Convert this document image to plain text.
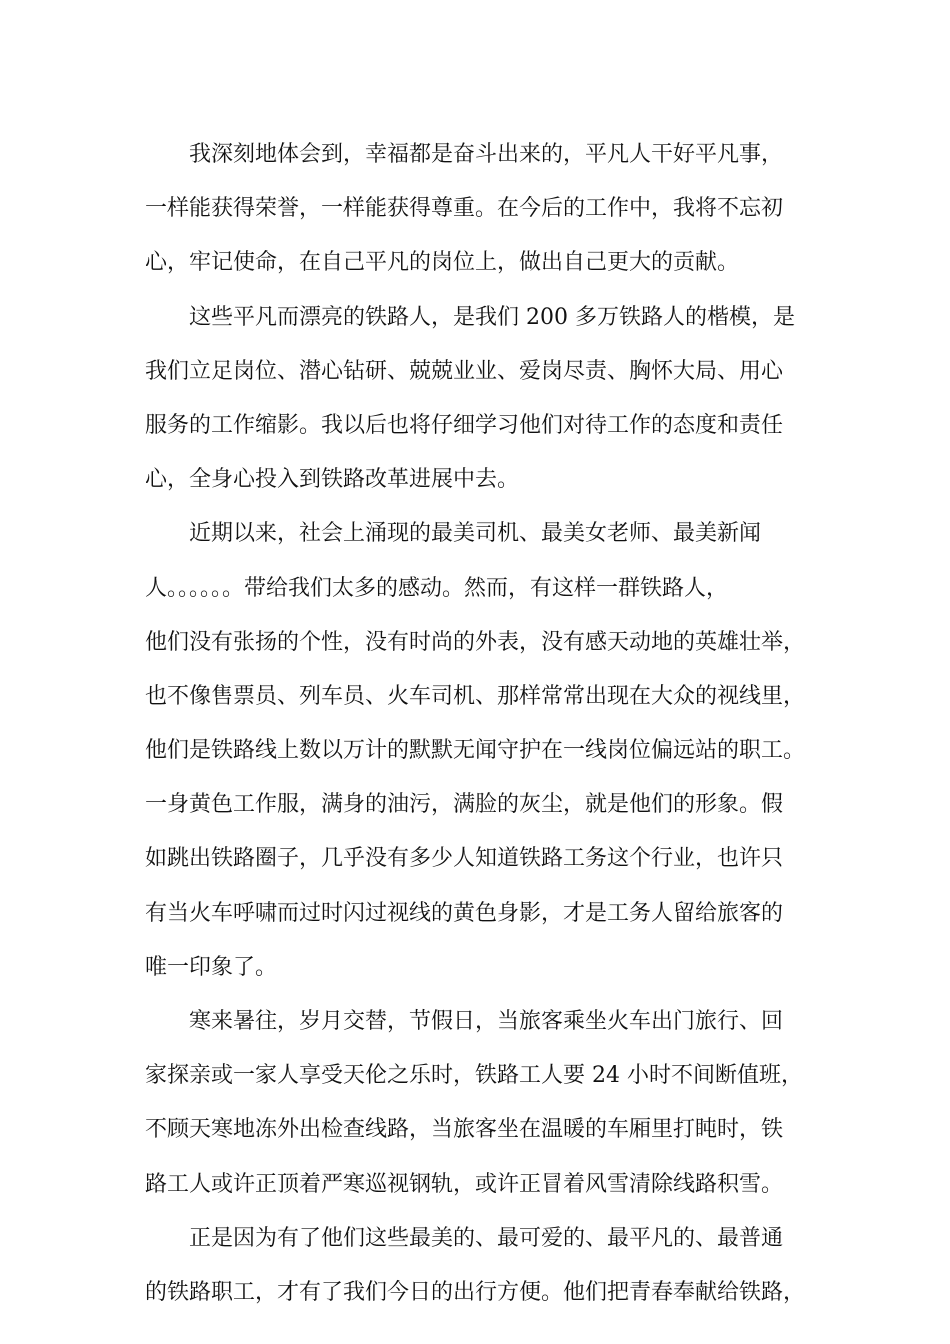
我深刻地体会到，幸福都是奋斗出来的，平凡人干好平凡事，
一样能获得荣誉，一样能获得尊重。在今后的工作中，我将不忘初
心，牢记使命，在自己平凡的岗位上，做出自己更大的贡献。
这些平凡而漂亮的铁路人，是我们 200 多万铁路人的楷模，是
我们立足岗位、潜心钻研、兢兢业业、爱岗尽责、胸怀大局、用心
服务的工作缩影。我以后也将仔细学习他们对待工作的态度和责任
心，全身心投入到铁路改革进展中去。
近期以来，社会上涌现的最美司机、最美女老师、最美新闻
人。。。。。。带给我们太多的感动。然而，有这样一群铁路人，
他们没有张扬的个性，没有时尚的外表，没有感天动地的英雄壮举，
也不像售票员、列车员、火车司机、那样常常出现在大众的视线里，
他们是铁路线上数以万计的默默无闻守护在一线岗位偏远站的职工。
一身黄色工作服，满身的油污，满脸的灰尘，就是他们的形象。假
如跳出铁路圈子，几乎没有多少人知道铁路工务这个行业，也许只
有当火车呼啸而过时闪过视线的黄色身影，才是工务人留给旅客的
唯一印象了。
寒来暑往，岁月交替，节假日，当旅客乘坐火车出门旅行、回
家探亲或一家人享受天伦之乐时，铁路工人要 24 小时不间断值班，
不顾天寒地冻外出检查线路，当旅客坐在温暖的车厢里打盹时，铁
路工人或许正顶着严寒巡视钢轨，或许正冒着风雪清除线路积雪。
正是因为有了他们这些最美的、最可爱的、最平凡的、最普通
的铁路职工，才有了我们今日的出行方便。他们把青春奉献给铁路，
